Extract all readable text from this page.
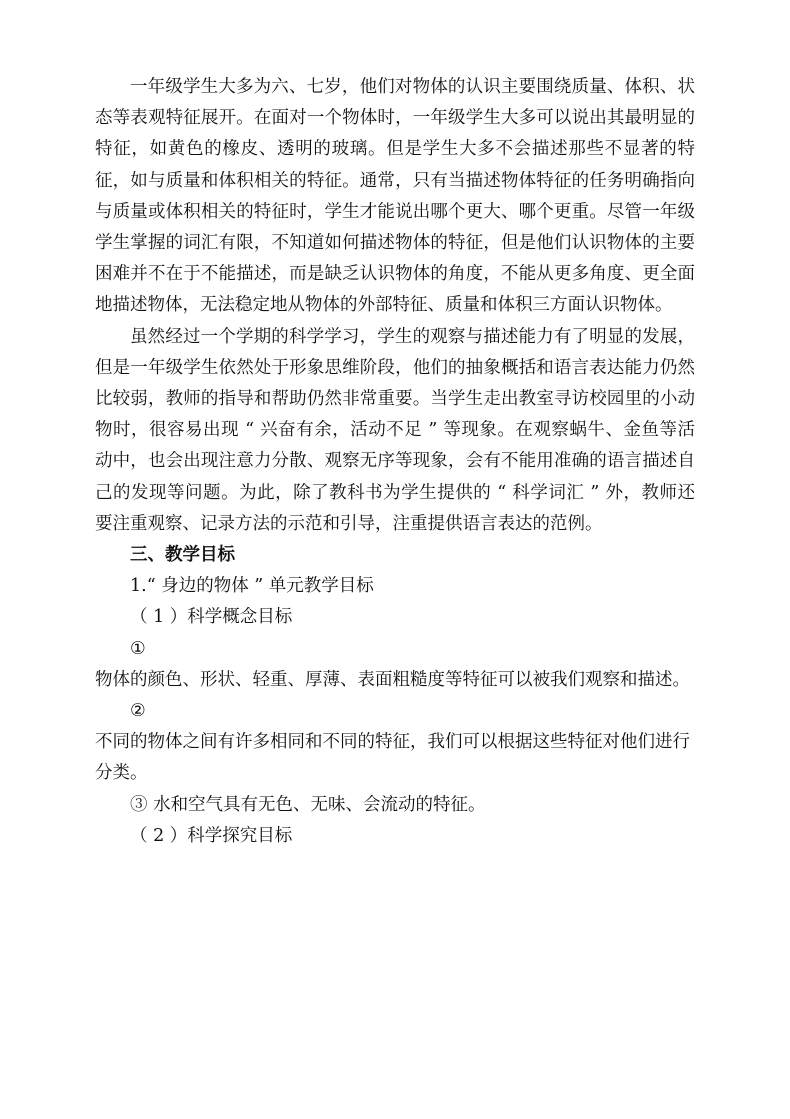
一年级学生大多为六、七岁，他们对物体的认识主要围绕质量、体积、状态等表观特征展开。在面对一个物体时，一年级学生大多可以说出其最明显的特征，如黄色的橡皮、透明的玻璃。但是学生大多不会描述那些不显著的特征，如与质量和体积相关的特征。通常，只有当描述物体特征的任务明确指向与质量或体积相关的特征时，学生才能说出哪个更大、哪个更重。尽管一年级学生掌握的词汇有限，不知道如何描述物体的特征，但是他们认识物体的主要困难并不在于不能描述，而是缺乏认识物体的角度，不能从更多角度、更全面地描述物体，无法稳定地从物体的外部特征、质量和体积三方面认识物体。

虽然经过一个学期的科学学习，学生的观察与描述能力有了明显的发展，但是一年级学生依然处于形象思维阶段，他们的抽象概括和语言表达能力仍然比较弱，教师的指导和帮助仍然非常重要。当学生走出教室寻访校园里的小动物时，很容易出现 “ 兴奋有余，活动不足 ” 等现象。在观察蜗牛、金鱼等活动中，也会出现注意力分散、观察无序等现象，会有不能用准确的语言描述自己的发现等问题。为此，除了教科书为学生提供的 “ 科学词汇 ” 外，教师还要注重观察、记录方法的示范和引导，注重提供语言表达的范例。

三、教学目标

1.“ 身边的物体 ” 单元教学目标

（ 1 ）科学概念目标

①

物体的颜色、形状、轻重、厚薄、表面粗糙度等特征可以被我们观察和描述。

②

不同的物体之间有许多相同和不同的特征，我们可以根据这些特征对他们进行分类。

③ 水和空气具有无色、无味、会流动的特征。

（ 2 ）科学探究目标
